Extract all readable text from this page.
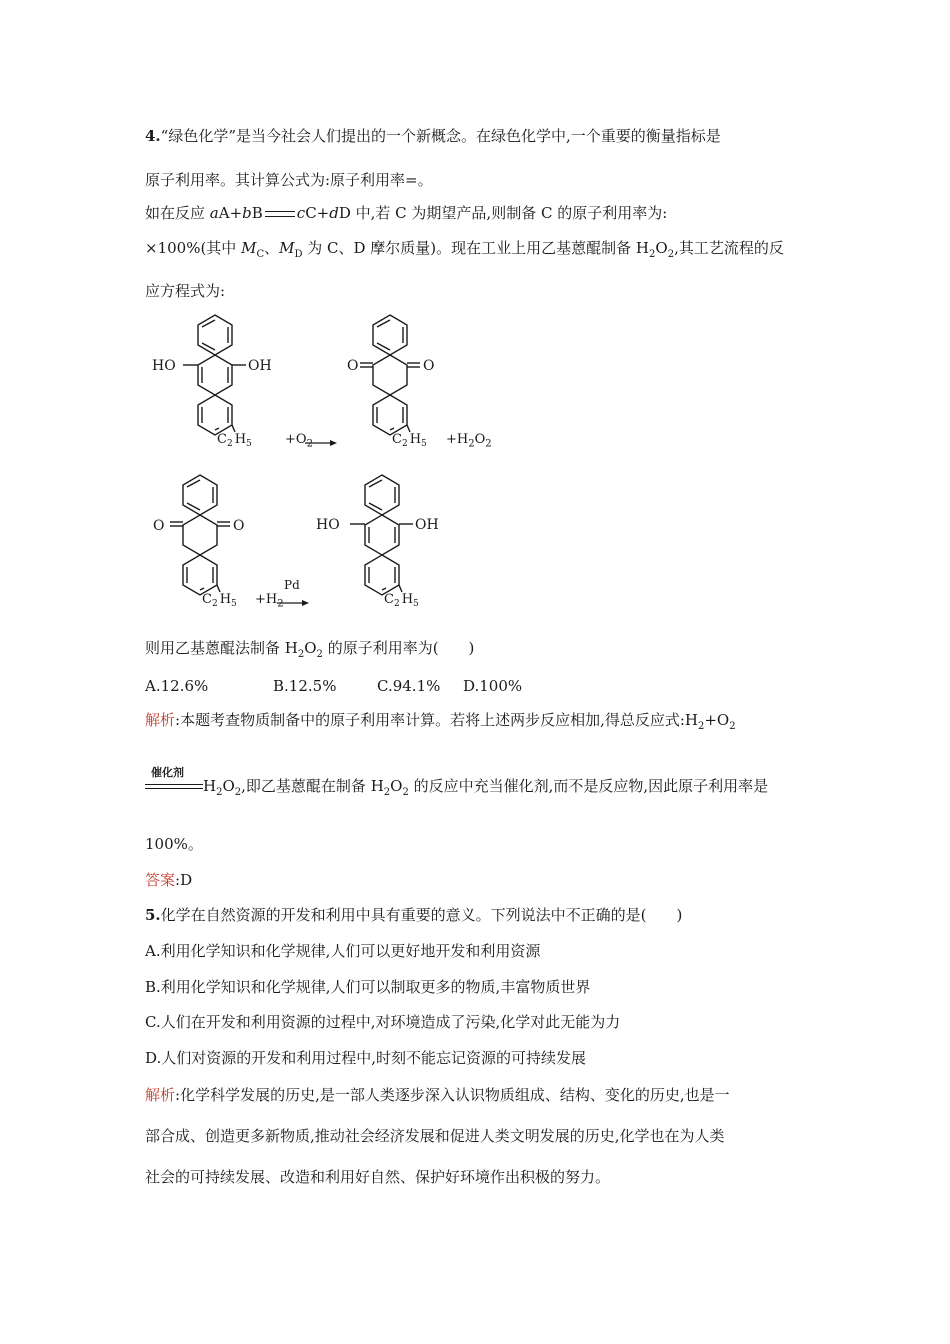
4.“绿色化学”是当今社会人们提出的一个新概念。在绿色化学中,一个重要的衡量指标是
原子利用率。其计算公式为:原子利用率=。
如在反应 aA+bB cC+dD 中,若 C 为期望产品,则制备 C 的原子利用率为:
×100%(其中 $M_C$、$M_D$ 为 C、D 摩尔质量)。现在工业上用乙基蒽醌制备 $H_2O_2$,其工艺流程的反
应方程式为:
HO	OH
$C_2$ $H_5$	$+O_2$
O	O
$C_2$ $H_5 +H_2O_2$
O	O
$C_2$ $H_5 +H_2$
Pd
HO	OH
$C_2$ $H_5$
则用乙基蒽醌法制备 $H_2O_2$ 的原子利用率为(　　)
A.12.6%	B.12.5%	C.94.1% D.100%
解析:本题考查物质制备中的原子利用率计算。若将上述两步反应相加,得总反应式$:H_2+O_2$
催化剂
$H_2O_2$,即乙基蒽醌在制备 $H_2O_2$ 的反应中充当催化剂,而不是反应物,因此原子利用率是
100%。
答案:D
5.化学在自然资源的开发和利用中具有重要的意义。下列说法中不正确的是(　　)
A.利用化学知识和化学规律,人们可以更好地开发和利用资源
B.利用化学知识和化学规律,人们可以制取更多的物质,丰富物质世界
C.人们在开发和利用资源的过程中,对环境造成了污染,化学对此无能为力
D.人们对资源的开发和利用过程中,时刻不能忘记资源的可持续发展
解析:化学科学发展的历史,是一部人类逐步深入认识物质组成、结构、变化的历史,也是一
部合成、创造更多新物质,推动社会经济发展和促进人类文明发展的历史,化学也在为人类
社会的可持续发展、改造和利用好自然、保护好环境作出积极的努力。
